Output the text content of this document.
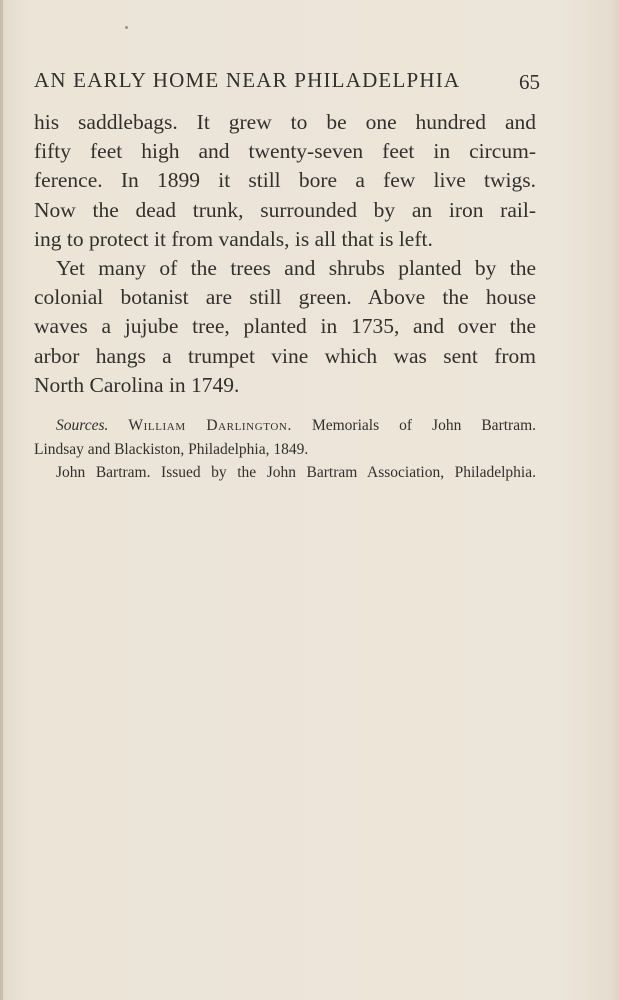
AN EARLY HOME NEAR PHILADELPHIA	65
his saddlebags. It grew to be one hundred and
fifty feet high and twenty-seven feet in circum-
ference. In 1899 it still bore a few live twigs.
Now the dead trunk, surrounded by an iron rail-
ing to protect it from vandals, is all that is left.
Yet many of the trees and shrubs planted by the
colonial botanist are still green. Above the house
waves a jujube tree, planted in 1735, and over the
arbor hangs a trumpet vine which was sent from
North Carolina in 1749.
Sources. William Darlington. Memorials of John Bartram.
Lindsay and Blackiston, Philadelphia, 1849.
John Bartram. Issued by the John Bartram Association, Philadelphia.
